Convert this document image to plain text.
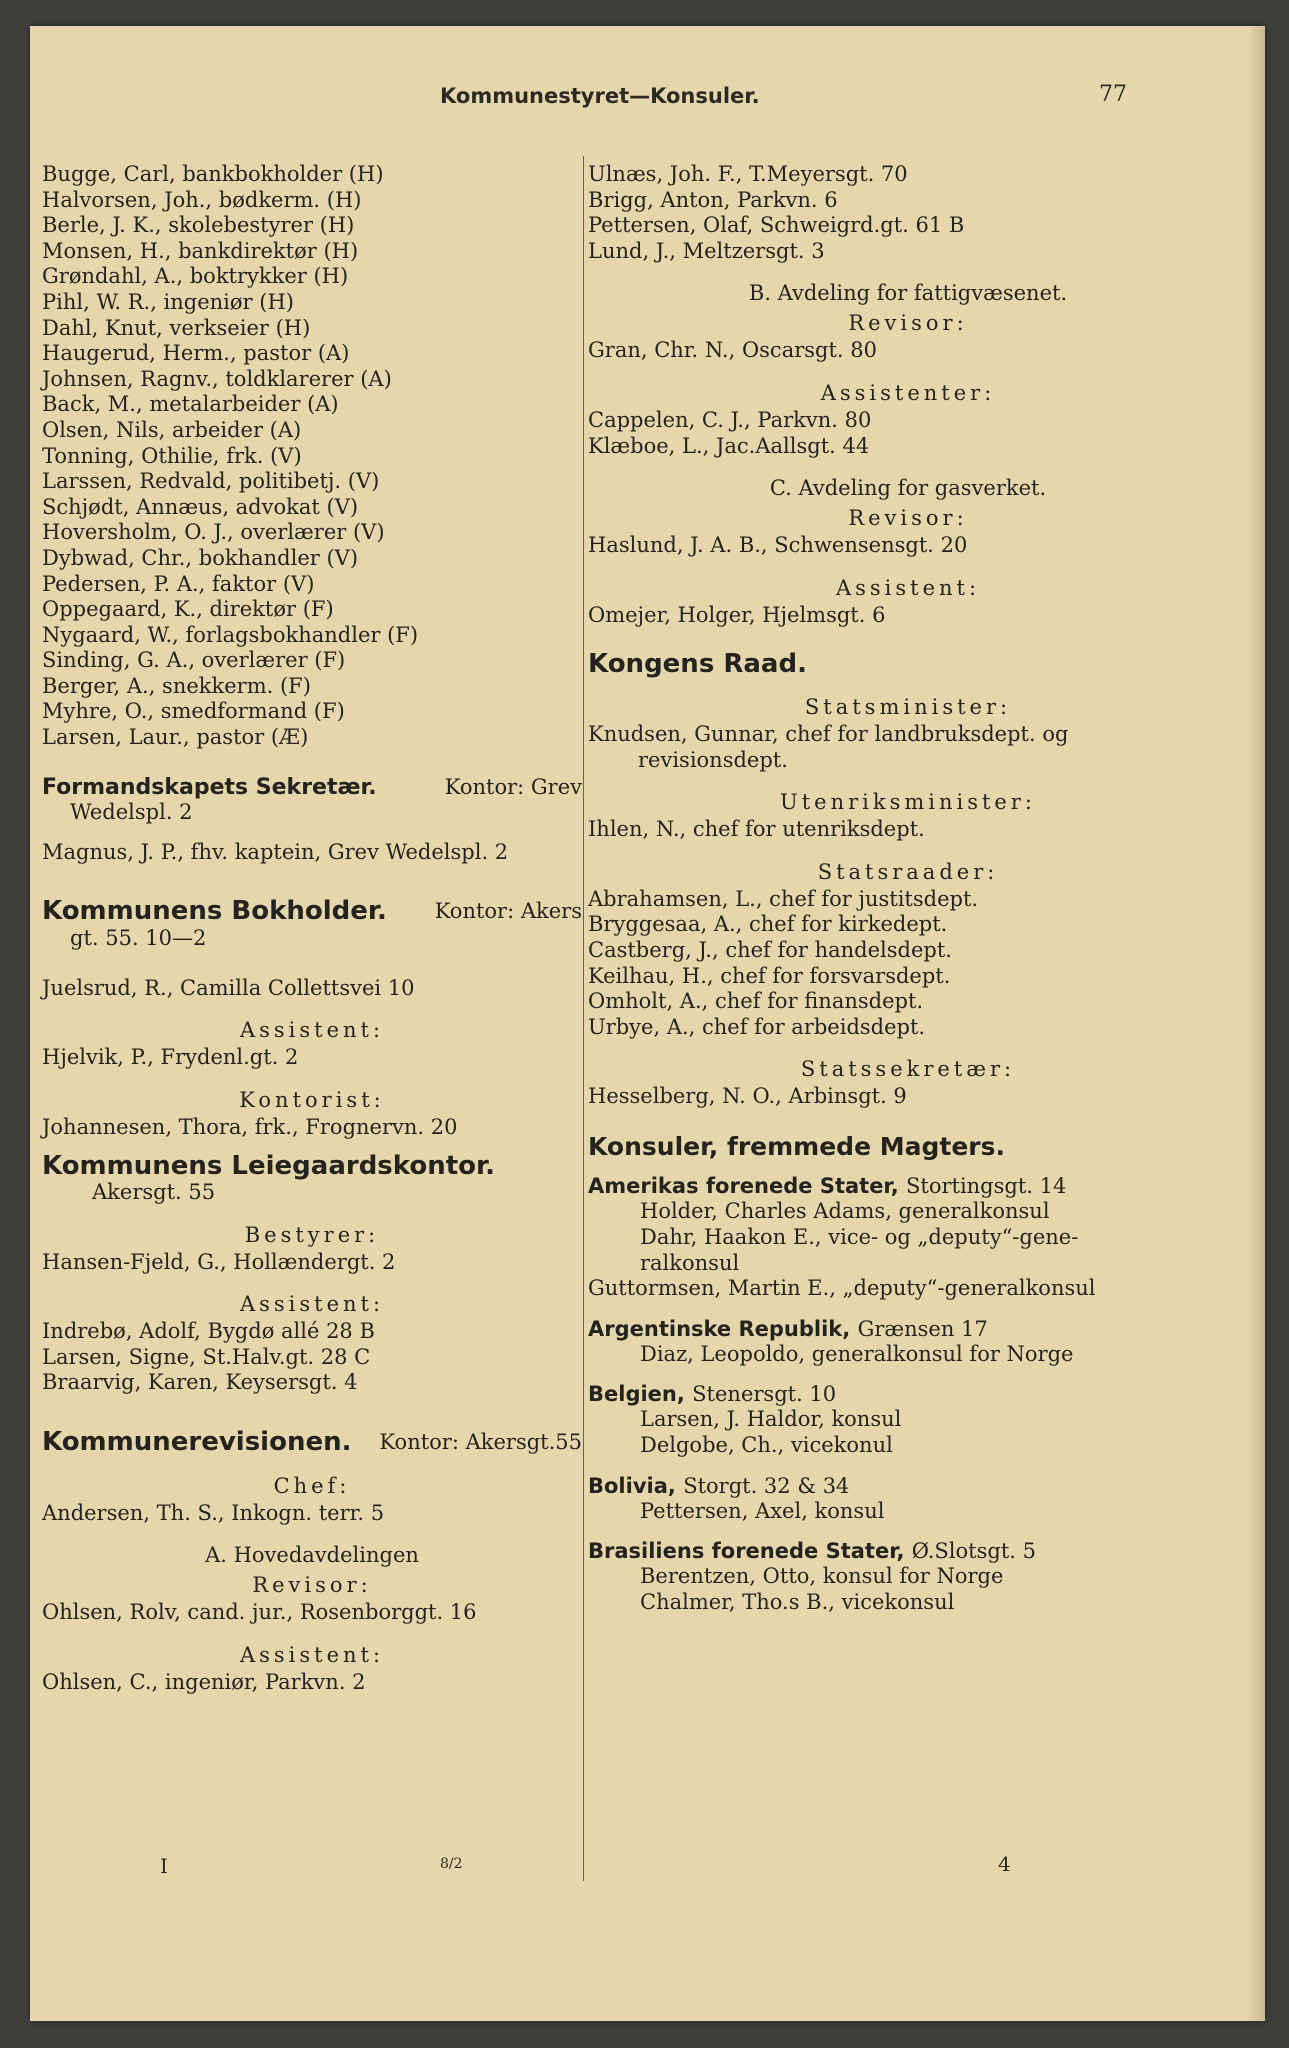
Kommunestyret—Konsuler.	77
Bugge, Carl, bankbokholder (H)
Halvorsen, Joh., bødkerm. (H)
Berle, J. K., skolebestyrer (H)
Monsen, H., bankdirektør (H)
Grøndahl, A., boktrykker (H)
Pihl, W. R., ingeniør (H)
Dahl, Knut, verkseier (H)
Haugerud, Herm., pastor (A)
Johnsen, Ragnv., toldklarerer (A)
Back, M., metalarbeider (A)
Olsen, Nils, arbeider (A)
Tonning, Othilie, frk. (V)
Larssen, Redvald, politibetj. (V)
Schjødt, Annæus, advokat (V)
Hoversholm, O. J., overlærer (V)
Dybwad, Chr., bokhandler (V)
Pedersen, P. A., faktor (V)
Oppegaard, K., direktør (F)
Nygaard, W., forlagsbokhandler (F)
Sinding, G. A., overlærer (F)
Berger, A., snekkerm. (F)
Myhre, O., smedformand (F)
Larsen, Laur., pastor (Æ)
Formandskapets Sekretær.	Kontor: Grev
Wedelspl. 2
Magnus, J. P., fhv. kaptein, Grev Wedelspl. 2
Kommunens Bokholder. Kontor: Akers
gt. 55. 10—2
Juelsrud, R., Camilla Collettsvei 10
Assistent:
Hjelvik, P., Frydenl.gt. 2
Kontorist:
Johannesen, Thora, frk., Frognervn. 20
Kommunens Leiegaardskontor.
Akersgt. 55
Bestyrer:
Hansen-Fjeld, G., Hollændergt. 2
Assistent:
Indrebø, Adolf, Bygdø allé 28 B
Larsen, Signe, St.Halv.gt. 28 C
Braarvig, Karen, Keysersgt. 4
Kommunerevisionen. Kontor: Akersgt.55
Chef:
Andersen, Th. S., Inkogn. terr. 5
A. Hovedavdelingen
Revisor:
Ohlsen, Rolv, cand. jur., Rosenborggt. 16
Assistent:
Ohlsen, C., ingeniør, Parkvn. 2
Ulnæs, Joh. F., T.Meyersgt. 70
Brigg, Anton, Parkvn. 6
Pettersen, Olaf, Schweigrd.gt. 61 B
Lund, J., Meltzersgt. 3
B. Avdeling for fattigvæsenet.
Revisor:
Gran, Chr. N., Oscarsgt. 80
Assistenter:
Cappelen, C. J., Parkvn. 80
Klæboe, L., Jac.Aallsgt. 44
C. Avdeling for gasverket.
Revisor:
Haslund, J. A. B., Schwensensgt. 20
Assistent:
Omejer, Holger, Hjelmsgt. 6
Kongens Raad.
Statsminister:
Knudsen, Gunnar, chef for landbruksdept. og
revisionsdept.
Utenriksminister:
Ihlen, N., chef for utenriksdept.
Statsraader:
Abrahamsen, L., chef for justitsdept.
Bryggesaa, A., chef for kirkedept.
Castberg, J., chef for handelsdept.
Keilhau, H., chef for forsvarsdept.
Omholt, A., chef for finansdept.
Urbye, A., chef for arbeidsdept.
Statssekretær:
Hesselberg, N. O., Arbinsgt. 9
Konsuler, fremmede Magters.
Amerikas forenede Stater, Stortingsgt. 14
Holder, Charles Adams, generalkonsul
Dahr, Haakon E., vice- og „deputy“-gene-
ralkonsul
Guttormsen, Martin E., „deputy“-generalkonsul
Argentinske Republik, Grænsen 17
Diaz, Leopoldo, generalkonsul for Norge
Belgien, Stenersgt. 10
Larsen, J. Haldor, konsul
Delgobe, Ch., vicekonul
Bolivia, Storgt. 32 & 34
Pettersen, Axel, konsul
Brasiliens forenede Stater, Ø.Slotsgt. 5
Berentzen, Otto, konsul for Norge
Chalmer, Tho.s B., vicekonsul
I	8/2	4
